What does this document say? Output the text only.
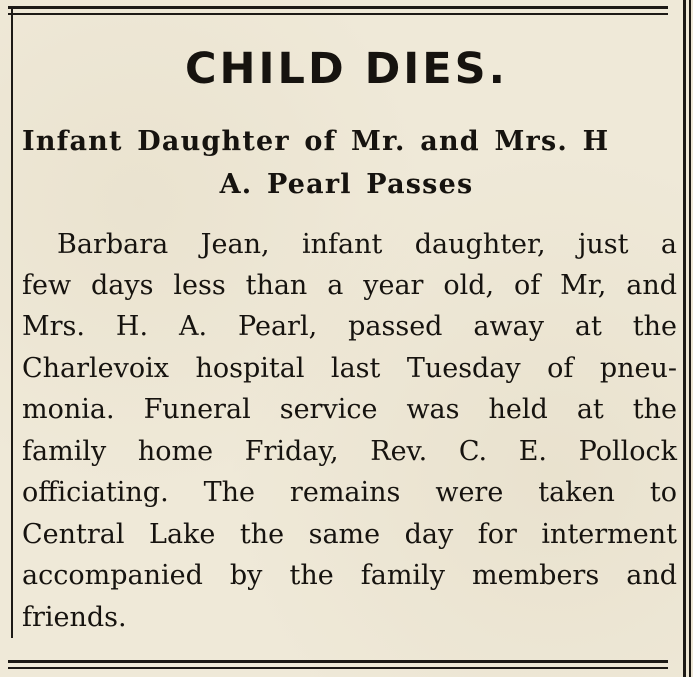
CHILD DIES.
Infant Daughter of Mr. and Mrs. H
A. Pearl Passes
Barbara Jean, infant daughter, just a
few days less than a year old, of Mr, and
Mrs. H. A. Pearl, passed away at the
Charlevoix hospital last Tuesday of pneu-
monia. Funeral service was held at the
family home Friday, Rev. C. E. Pollock
officiating. The remains were taken to
Central Lake the same day for interment
accompanied by the family members and
friends.
